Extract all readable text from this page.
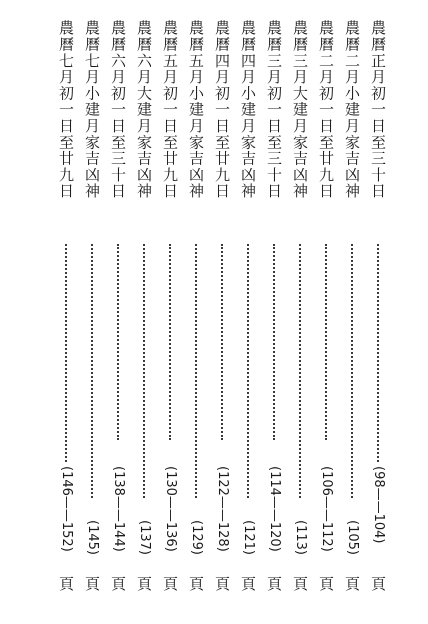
農曆正月初一日至三十日
(98——104)
頁
農曆二月小建月家吉凶神
(105)
頁
農曆二月初一日至廿九日
(106——112)
頁
農曆三月大建月家吉凶神
(113)
頁
農曆三月初一日至三十日
(114——120)
頁
農曆四月小建月家吉凶神
(121)
頁
農曆四月初一日至廿九日
(122——128)
頁
農曆五月小建月家吉凶神
(129)
頁
農曆五月初一日至廿九日
(130——136)
頁
農曆六月大建月家吉凶神
(137)
頁
農曆六月初一日至三十日
(138——144)
頁
農曆七月小建月家吉凶神
(145)
頁
農曆七月初一日至廿九日
(146——152)
頁
